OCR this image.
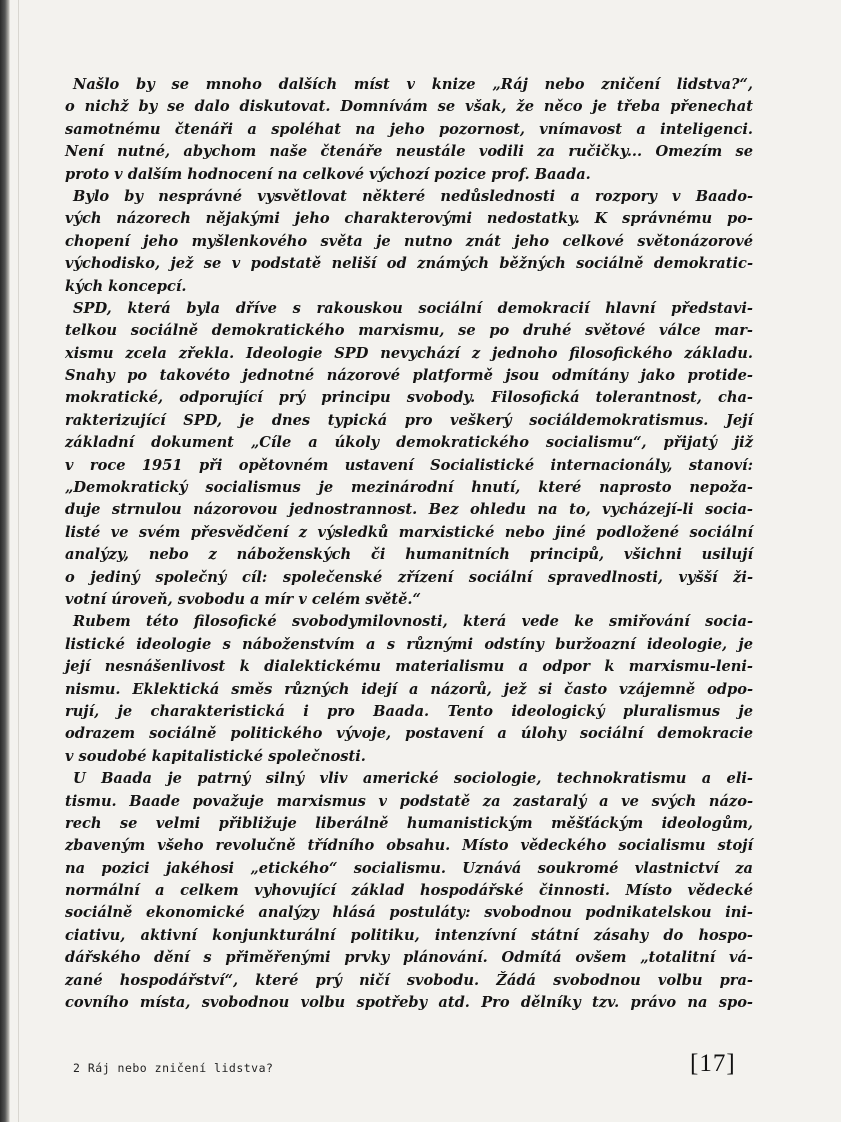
Našlo by se mnoho dalších míst v knize „Ráj nebo zničení lidstva?“,
o nichž by se dalo diskutovat. Domnívám se však, že něco je třeba přenechat
samotnému čtenáři a spoléhat na jeho pozornost, vnímavost a inteligenci.
Není nutné, abychom naše čtenáře neustále vodili za ručičky... Omezím se
proto v dalším hodnocení na celkové výchozí pozice prof. Baada.
Bylo by nesprávné vysvětlovat některé nedůslednosti a rozpory v Baado-
vých názorech nějakými jeho charakterovými nedostatky. K správnému po-
chopení jeho myšlenkového světa je nutno znát jeho celkové světonázorové
východisko, jež se v podstatě neliší od známých běžných sociálně demokratic-
kých koncepcí.
SPD, která byla dříve s rakouskou sociální demokracií hlavní představi-
telkou sociálně demokratického marxismu, se po druhé světové válce mar-
xismu zcela zřekla. Ideologie SPD nevychází z jednoho filosofického základu.
Snahy po takovéto jednotné názorové platformě jsou odmítány jako protide-
mokratické, odporující prý principu svobody. Filosofická tolerantnost, cha-
rakterizující SPD, je dnes typická pro veškerý sociáldemokratismus. Její
základní dokument „Cíle a úkoly demokratického socialismu“, přijatý již
v roce 1951 při opětovném ustavení Socialistické internacionály, stanoví:
„Demokratický socialismus je mezinárodní hnutí, které naprosto nepoža-
duje strnulou názorovou jednostrannost. Bez ohledu na to, vycházejí-li socia-
listé ve svém přesvědčení z výsledků marxistické nebo jiné podložené sociální
analýzy, nebo z náboženských či humanitních principů, všichni usilují
o jediný společný cíl: společenské zřízení sociální spravedlnosti, vyšší ži-
votní úroveň, svobodu a mír v celém světě.“
Rubem této filosofické svobodymilovnosti, která vede ke smiřování socia-
listické ideologie s náboženstvím a s různými odstíny buržoazní ideologie, je
její nesnášenlivost k dialektickému materialismu a odpor k marxismu-leni-
nismu. Eklektická směs různých idejí a názorů, jež si často vzájemně odpo-
rují, je charakteristická i pro Baada. Tento ideologický pluralismus je
odrazem sociálně politického vývoje, postavení a úlohy sociální demokracie
v soudobé kapitalistické společnosti.
U Baada je patrný silný vliv americké sociologie, technokratismu a eli-
tismu. Baade považuje marxismus v podstatě za zastaralý a ve svých názo-
rech se velmi přibližuje liberálně humanistickým měšťáckým ideologům,
zbaveným všeho revolučně třídního obsahu. Místo vědeckého socialismu stojí
na pozici jakéhosi „etického“ socialismu. Uznává soukromé vlastnictví za
normální a celkem vyhovující základ hospodářské činnosti. Místo vědecké
sociálně ekonomické analýzy hlásá postuláty: svobodnou podnikatelskou ini-
ciativu, aktivní konjunkturální politiku, intenzívní státní zásahy do hospo-
dářského dění s přiměřenými prvky plánování. Odmítá ovšem „totalitní vá-
zané hospodářství“, které prý ničí svobodu. Žádá svobodnou volbu pra-
covního místa, svobodnou volbu spotřeby atd. Pro dělníky tzv. právo na spo-
2 Ráj nebo zničení lidstva?	[17]
